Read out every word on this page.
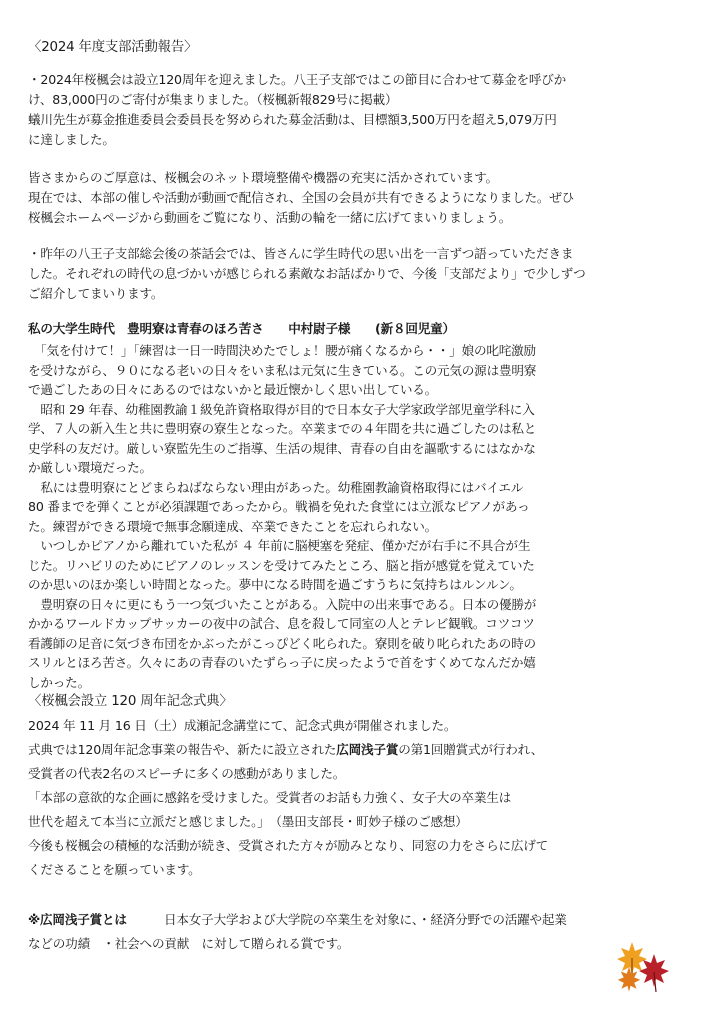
〈2024 年度支部活動報告〉
・2024年桜楓会は設立120周年を迎えました。八王子支部ではこの節目に合わせて募金を呼びか
け、83,000円のご寄付が集まりました。（桜楓新報829号に掲載）
蟻川先生が募金推進委員会委員長を努められた募金活動は、目標額3,500万円を超え5,079万円
に達しました。
皆さまからのご厚意は、桜楓会のネット環境整備や機器の充実に活かされています。
現在では、本部の催しや活動が動画で配信され、全国の会員が共有できるようになりました。ぜひ
桜楓会ホームページから動画をご覧になり、活動の輪を一緒に広げてまいりましょう。
・昨年の八王子支部総会後の茶話会では、皆さんに学生時代の思い出を一言ずつ語っていただきま
した。それぞれの時代の息づかいが感じられる素敵なお話ばかりで、今後「支部だより」で少しずつ
ご紹介してまいります。
私の大学生時代　豊明寮は青春のほろ苦さ　　中村尉子様　　(新８回児童）
　「気を付けて！」「練習は一日一時間決めたでしょ！腰が痛くなるから・・」娘の叱咤激励
を受けながら、９０になる老いの日々をいま私は元気に生きている。この元気の源は豊明寮
で過ごしたあの日々にあるのではないかと最近懐かしく思い出している。
　昭和 29 年春、幼稚園教諭１級免許資格取得が目的で日本女子大学家政学部児童学科に入
学、７人の新入生と共に豊明寮の寮生となった。卒業までの４年間を共に過ごしたのは私と
史学科の友だけ。厳しい寮監先生のご指導、生活の規律、青春の自由を謳歌するにはなかな
か厳しい環境だった。
　私には豊明寮にとどまらねばならない理由があった。幼稚園教諭資格取得にはバイエル
80 番までを弾くことが必須課題であったから。戦禍を免れた食堂には立派なピアノがあっ
た。練習ができる環境で無事念願達成、卒業できたことを忘れられない。
　いつしかピアノから離れていた私が ４ 年前に脳梗塞を発症、僅かだが右手に不具合が生
じた。リハビリのためにピアノのレッスンを受けてみたところ、脳と指が感覚を覚えていた
のか思いのほか楽しい時間となった。夢中になる時間を過ごすうちに気持ちはルンルン。
　豊明寮の日々に更にもう一つ気づいたことがある。入院中の出来事である。日本の優勝が
かかるワールドカップサッカーの夜中の試合、息を殺して同室の人とテレビ観戦。コツコツ
看護師の足音に気づき布団をかぶったがこっぴどく叱られた。寮則を破り叱られたあの時の
スリルとほろ苦さ。久々にあの青春のいたずらっ子に戻ったようで首をすくめてなんだか嬉
しかった。
〈桜楓会設立 120 周年記念式典〉
2024 年 11 月 16 日（土）成瀬記念講堂にて、記念式典が開催されました。
式典では120周年記念事業の報告や、新たに設立された広岡浅子賞の第1回贈賞式が行われ、
受賞者の代表2名のスピーチに多くの感動がありました。
「本部の意欲的な企画に感銘を受けました。受賞者のお話も力強く、女子大の卒業生は
世代を超えて本当に立派だと感じました。」　（墨田支部長・町妙子様のご感想）
今後も桜楓会の積極的な活動が続き、受賞された方々が励みとなり、同窓の力をさらに広げて
くださることを願っています。
※広岡浅子賞とは　　　日本女子大学および大学院の卒業生を対象に、・経済分野での活躍や起業
などの功績　・社会への貢献　に対して贈られる賞です。
